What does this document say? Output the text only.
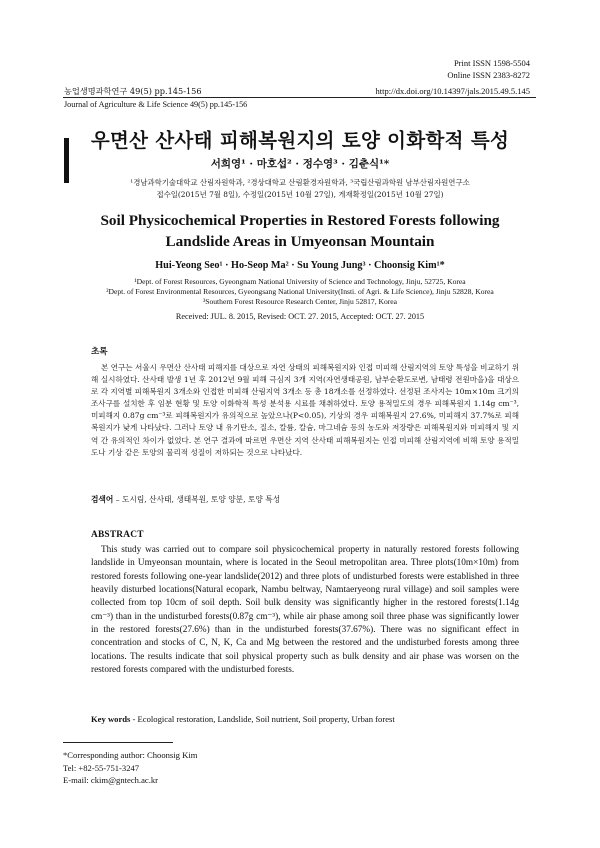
Print ISSN 1598-5504
Online ISSN 2383-8272
농업생명과학연구 49(5) pp.145-156	http://dx.doi.org/10.14397/jals.2015.49.5.145
Journal of Agriculture & Life Science 49(5) pp.145-156
우면산 산사태 피해복원지의 토양 이화학적 특성
서희영¹ · 마호섭² · 정수영³ · 김춘식¹*
¹경남과학기술대학교 산림자원학과, ²경상대학교 산림환경자원학과, ³국립산림과학원 남부산림자원연구소
접수일(2015년 7월 8일), 수정일(2015년 10월 27일), 게재확정일(2015년 10월 27일)
Soil Physicochemical Properties in Restored Forests following
Landslide Areas in Umyeonsan Mountain
Hui-Yeong Seo¹ · Ho-Seop Ma² · Su Young Jung³ · Choonsig Kim¹*
¹Dept. of Forest Resources, Gyeongnam National University of Science and Technology, Jinju, 52725, Korea
²Dept. of Forest Environmental Resources, Gyeongsang National University(Insti. of Agri. & Life Science), Jinju 52828, Korea
³Southern Forest Resource Research Center, Jinju 52817, Korea
Received: JUL. 8. 2015, Revised: OCT. 27. 2015, Accepted: OCT. 27. 2015
초록
본 연구는 서울시 우면산 산사태 피해지를 대상으로 자연 상태의 피해복원지와 인접 미피해 산림지역의 토양 특성을 비교하기 위해 실시하였다. 산사태 발생 1년 후 2012년 9월 피해 극심지 3개 지역(자연생태공원, 남부순환도로변, 남태령 전원마을)을 대상으로 각 지역별 피해복원지 3개소와 인접한 미피해 산림지역 3개소 등 총 18개소를 선정하였다. 선정된 조사지는 10m×10m 크기의 조사구를 설치한 후 임분 현황 및 토양 이화학적 특성 분석용 시료를 채취하였다. 토양 용적밀도의 경우 피해복원지 1.14g cm⁻³, 미피해지 0.87g cm⁻³로 피해복원지가 유의적으로 높았으나(P<0.05), 기상의 경우 피해복원지 27.6%, 미피해지 37.7%로 피해복원지가 낮게 나타났다. 그러나 토양 내 유기탄소, 질소, 칼륨, 칼슘, 마그네슘 등의 농도와 저장량은 피해복원지와 미피해지 및 지역 간 유의적인 차이가 없었다. 본 연구 결과에 따르면 우면산 지역 산사태 피해복원지는 인접 미피해 산림지역에 비해 토양 용적밀도나 기상 같은 토양의 물리적 성질이 저하되는 것으로 나타났다.
검색어 – 도시림, 산사태, 생태복원, 토양 양분, 토양 특성
ABSTRACT
This study was carried out to compare soil physicochemical property in naturally restored forests following landslide in Umyeonsan mountain, where is located in the Seoul metropolitan area. Three plots(10m×10m) from restored forests following one-year landslide(2012) and three plots of undisturbed forests were established in three heavily disturbed locations(Natural ecopark, Nambu beltway, Namtaeryeong rural village) and soil samples were collected from top 10cm of soil depth. Soil bulk density was significantly higher in the restored forests(1.14g cm⁻³) than in the undisturbed forests(0.87g cm⁻³), while air phase among soil three phase was significantly lower in the restored forests(27.6%) than in the undisturbed forests(37.67%). There was no significant effect in concentration and stocks of C, N, K, Ca and Mg between the restored and the undisturbed forests among three locations. The results indicate that soil physical property such as bulk density and air phase was worsen on the restored forests compared with the undisturbed forests.
Key words - Ecological restoration, Landslide, Soil nutrient, Soil property, Urban forest
*Corresponding author: Choonsig Kim
Tel: +82-55-751-3247
E-mail: ckim@gntech.ac.kr
